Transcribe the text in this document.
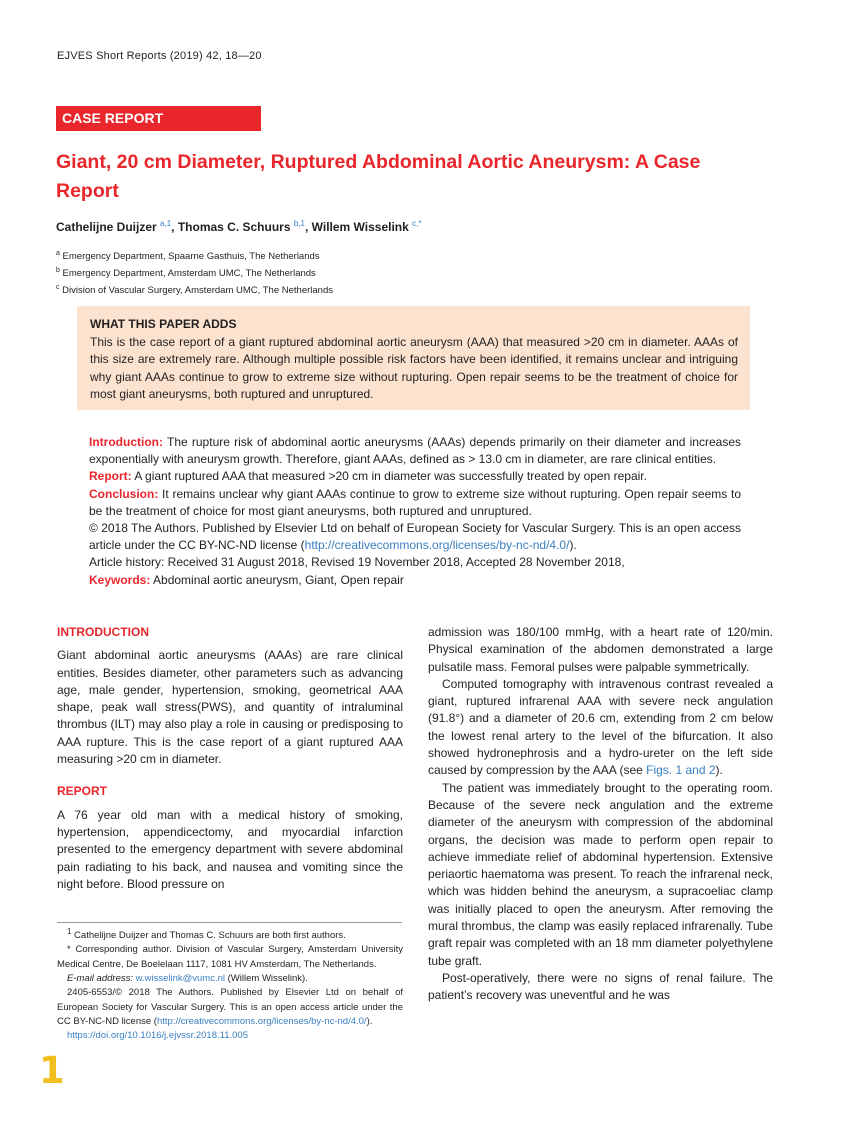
EJVES Short Reports (2019) 42, 18—20
CASE REPORT
Giant, 20 cm Diameter, Ruptured Abdominal Aortic Aneurysm: A Case Report
Cathelijne Duijzer $^{a,1}$, Thomas C. Schuurs $^{b,1}$, Willem Wisselink $^{c,*}$
$^a$ Emergency Department, Spaarne Gasthuis, The Netherlands
$^b$ Emergency Department, Amsterdam UMC, The Netherlands
$^c$ Division of Vascular Surgery, Amsterdam UMC, The Netherlands
WHAT THIS PAPER ADDS
This is the case report of a giant ruptured abdominal aortic aneurysm (AAA) that measured >20 cm in diameter. AAAs of this size are extremely rare. Although multiple possible risk factors have been identified, it remains unclear and intriguing why giant AAAs continue to grow to extreme size without rupturing. Open repair seems to be the treatment of choice for most giant aneurysms, both ruptured and unruptured.
Introduction: The rupture risk of abdominal aortic aneurysms (AAAs) depends primarily on their diameter and increases exponentially with aneurysm growth. Therefore, giant AAAs, defined as > 13.0 cm in diameter, are rare clinical entities.
Report: A giant ruptured AAA that measured >20 cm in diameter was successfully treated by open repair.
Conclusion: It remains unclear why giant AAAs continue to grow to extreme size without rupturing. Open repair seems to be the treatment of choice for most giant aneurysms, both ruptured and unruptured.
© 2018 The Authors. Published by Elsevier Ltd on behalf of European Society for Vascular Surgery. This is an open access article under the CC BY-NC-ND license (http://creativecommons.org/licenses/by-nc-nd/4.0/).
Article history: Received 31 August 2018, Revised 19 November 2018, Accepted 28 November 2018,
Keywords: Abdominal aortic aneurysm, Giant, Open repair
INTRODUCTION

Giant abdominal aortic aneurysms (AAAs) are rare clinical entities. Besides diameter, other parameters such as advancing age, male gender, hypertension, smoking, geometrical AAA shape, peak wall stress(PWS), and quantity of intraluminal thrombus (ILT) may also play a role in causing or predisposing to AAA rupture. This is the case report of a giant ruptured AAA measuring >20 cm in diameter.

REPORT

A 76 year old man with a medical history of smoking, hypertension, appendicectomy, and myocardial infarction presented to the emergency department with severe abdominal pain radiating to his back, and nausea and vomiting since the night before. Blood pressure on

$^1$ Cathelijne Duijzer and Thomas C. Schuurs are both first authors.
* Corresponding author. Division of Vascular Surgery, Amsterdam University Medical Centre, De Boelelaan 1117, 1081 HV Amsterdam, The Netherlands.
E-mail address: w.wisselink@vumc.nl (Willem Wisselink).
2405-6553/© 2018 The Authors. Published by Elsevier Ltd on behalf of European Society for Vascular Surgery. This is an open access article under the CC BY-NC-ND license (http://creativecommons.org/licenses/by-nc-nd/4.0/).
https://doi.org/10.1016/j.ejvssr.2018.11.005

admission was 180/100 mmHg, with a heart rate of 120/min. Physical examination of the abdomen demonstrated a large pulsatile mass. Femoral pulses were palpable symmetrically.

Computed tomography with intravenous contrast revealed a giant, ruptured infrarenal AAA with severe neck angulation (91.8°) and a diameter of 20.6 cm, extending from 2 cm below the lowest renal artery to the level of the bifurcation. It also showed hydronephrosis and a hydro-ureter on the left side caused by compression by the AAA (see Figs. 1 and 2).

The patient was immediately brought to the operating room. Because of the severe neck angulation and the extreme diameter of the aneurysm with compression of the abdominal organs, the decision was made to perform open repair to achieve immediate relief of abdominal hypertension. Extensive periaortic haematoma was present. To reach the infrarenal neck, which was hidden behind the aneurysm, a supracoeliac clamp was initially placed to open the aneurysm. After removing the mural thrombus, the clamp was easily replaced infrarenally. Tube graft repair was completed with an 18 mm diameter polyethylene tube graft.

Post-operatively, there were no signs of renal failure. The patient’s recovery was uneventful and he was

1
